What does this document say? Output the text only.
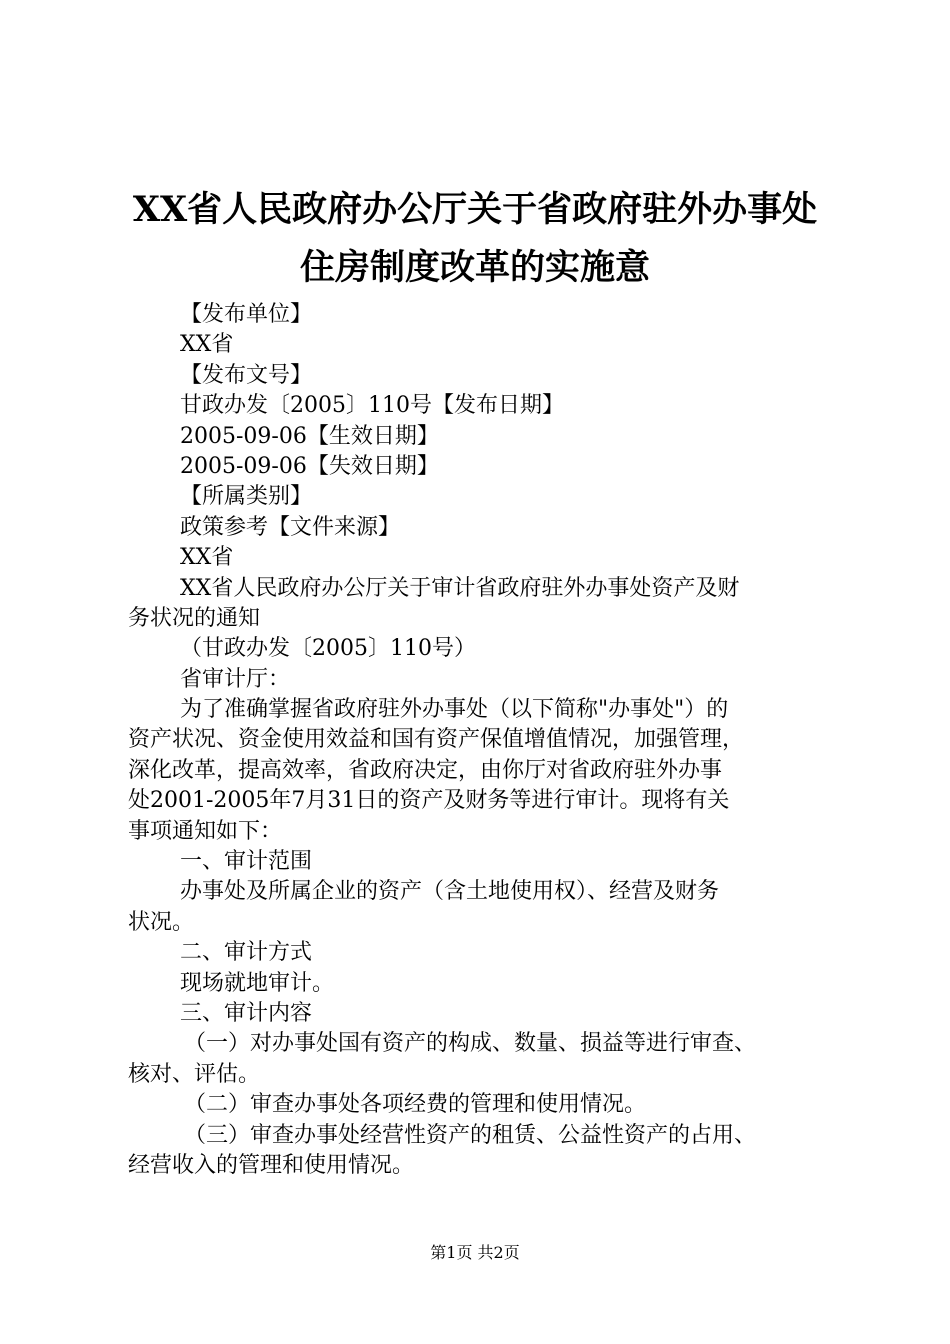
XX省人民政府办公厅关于省政府驻外办事处
住房制度改革的实施意
【发布单位】
XX省
【发布文号】
甘政办发〔2005〕110号【发布日期】
2005-09-06【生效日期】
2005-09-06【失效日期】
【所属类别】
政策参考【文件来源】
XX省
XX省人民政府办公厅关于审计省政府驻外办事处资产及财
务状况的通知
（甘政办发〔2005〕110号）
省审计厅：
为了准确掌握省政府驻外办事处（以下简称"办事处"）的
资产状况、资金使用效益和国有资产保值增值情况，加强管理，
深化改革，提高效率，省政府决定，由你厅对省政府驻外办事
处2001-2005年7月31日的资产及财务等进行审计。现将有关
事项通知如下：
一、审计范围
办事处及所属企业的资产（含土地使用权）、经营及财务
状况。
二、审计方式
现场就地审计。
三、审计内容
（一）对办事处国有资产的构成、数量、损益等进行审查、
核对、评估。
（二）审查办事处各项经费的管理和使用情况。
（三）审查办事处经营性资产的租赁、公益性资产的占用、
经营收入的管理和使用情况。
第1页 共2页
